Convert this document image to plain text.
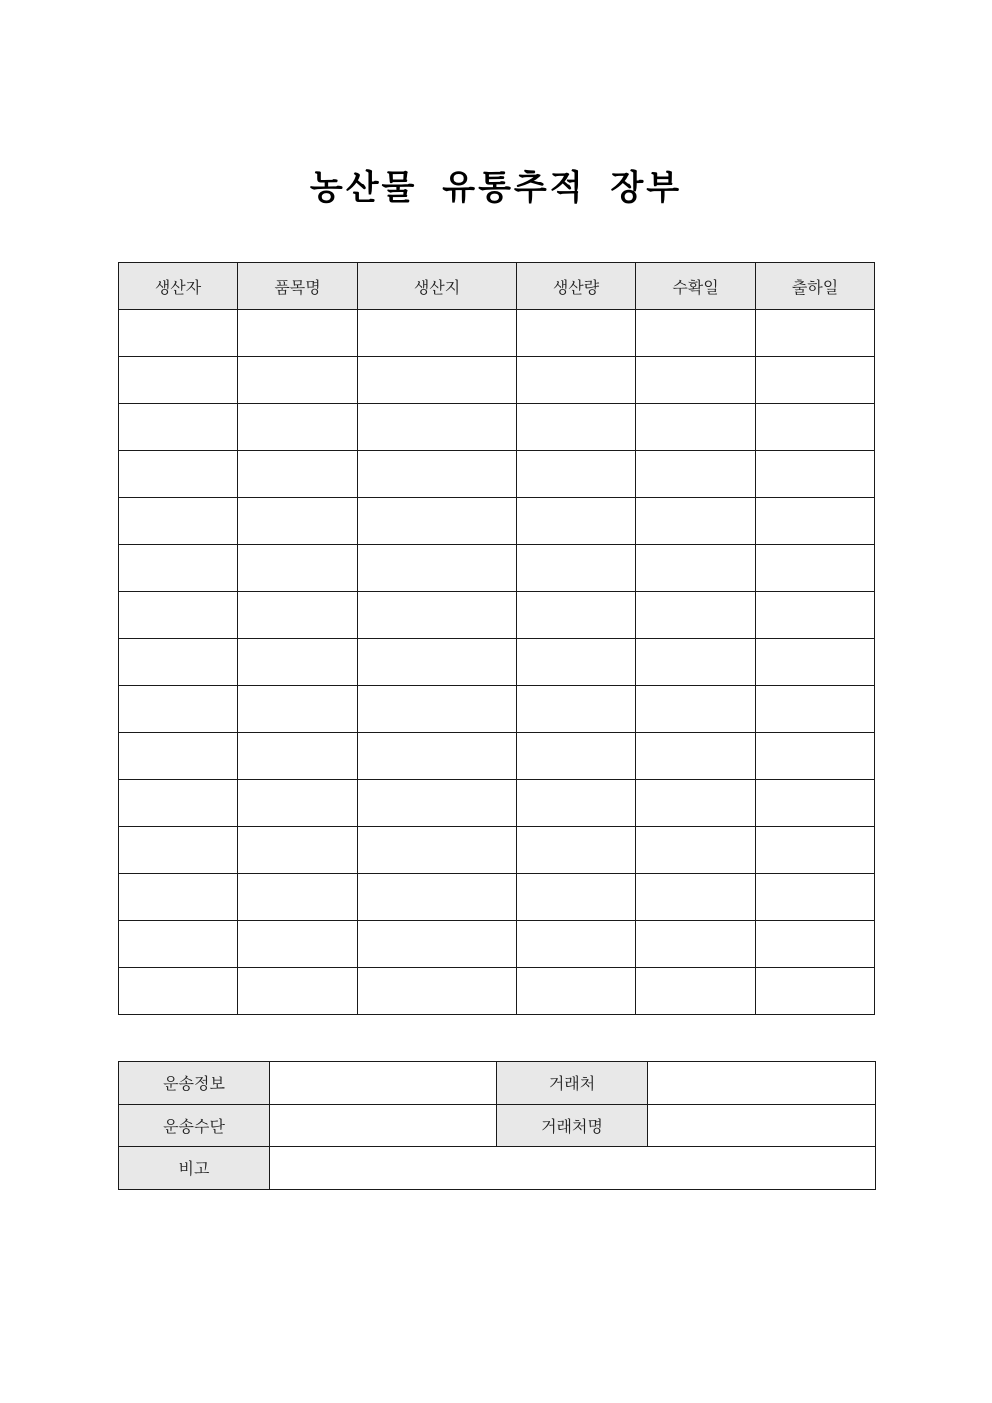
농산물 유통추적 장부
생산자	품목명	생산지	생산량	수확일	출하일

운송정보		거래처	
운송수단		거래처명	
비고			
